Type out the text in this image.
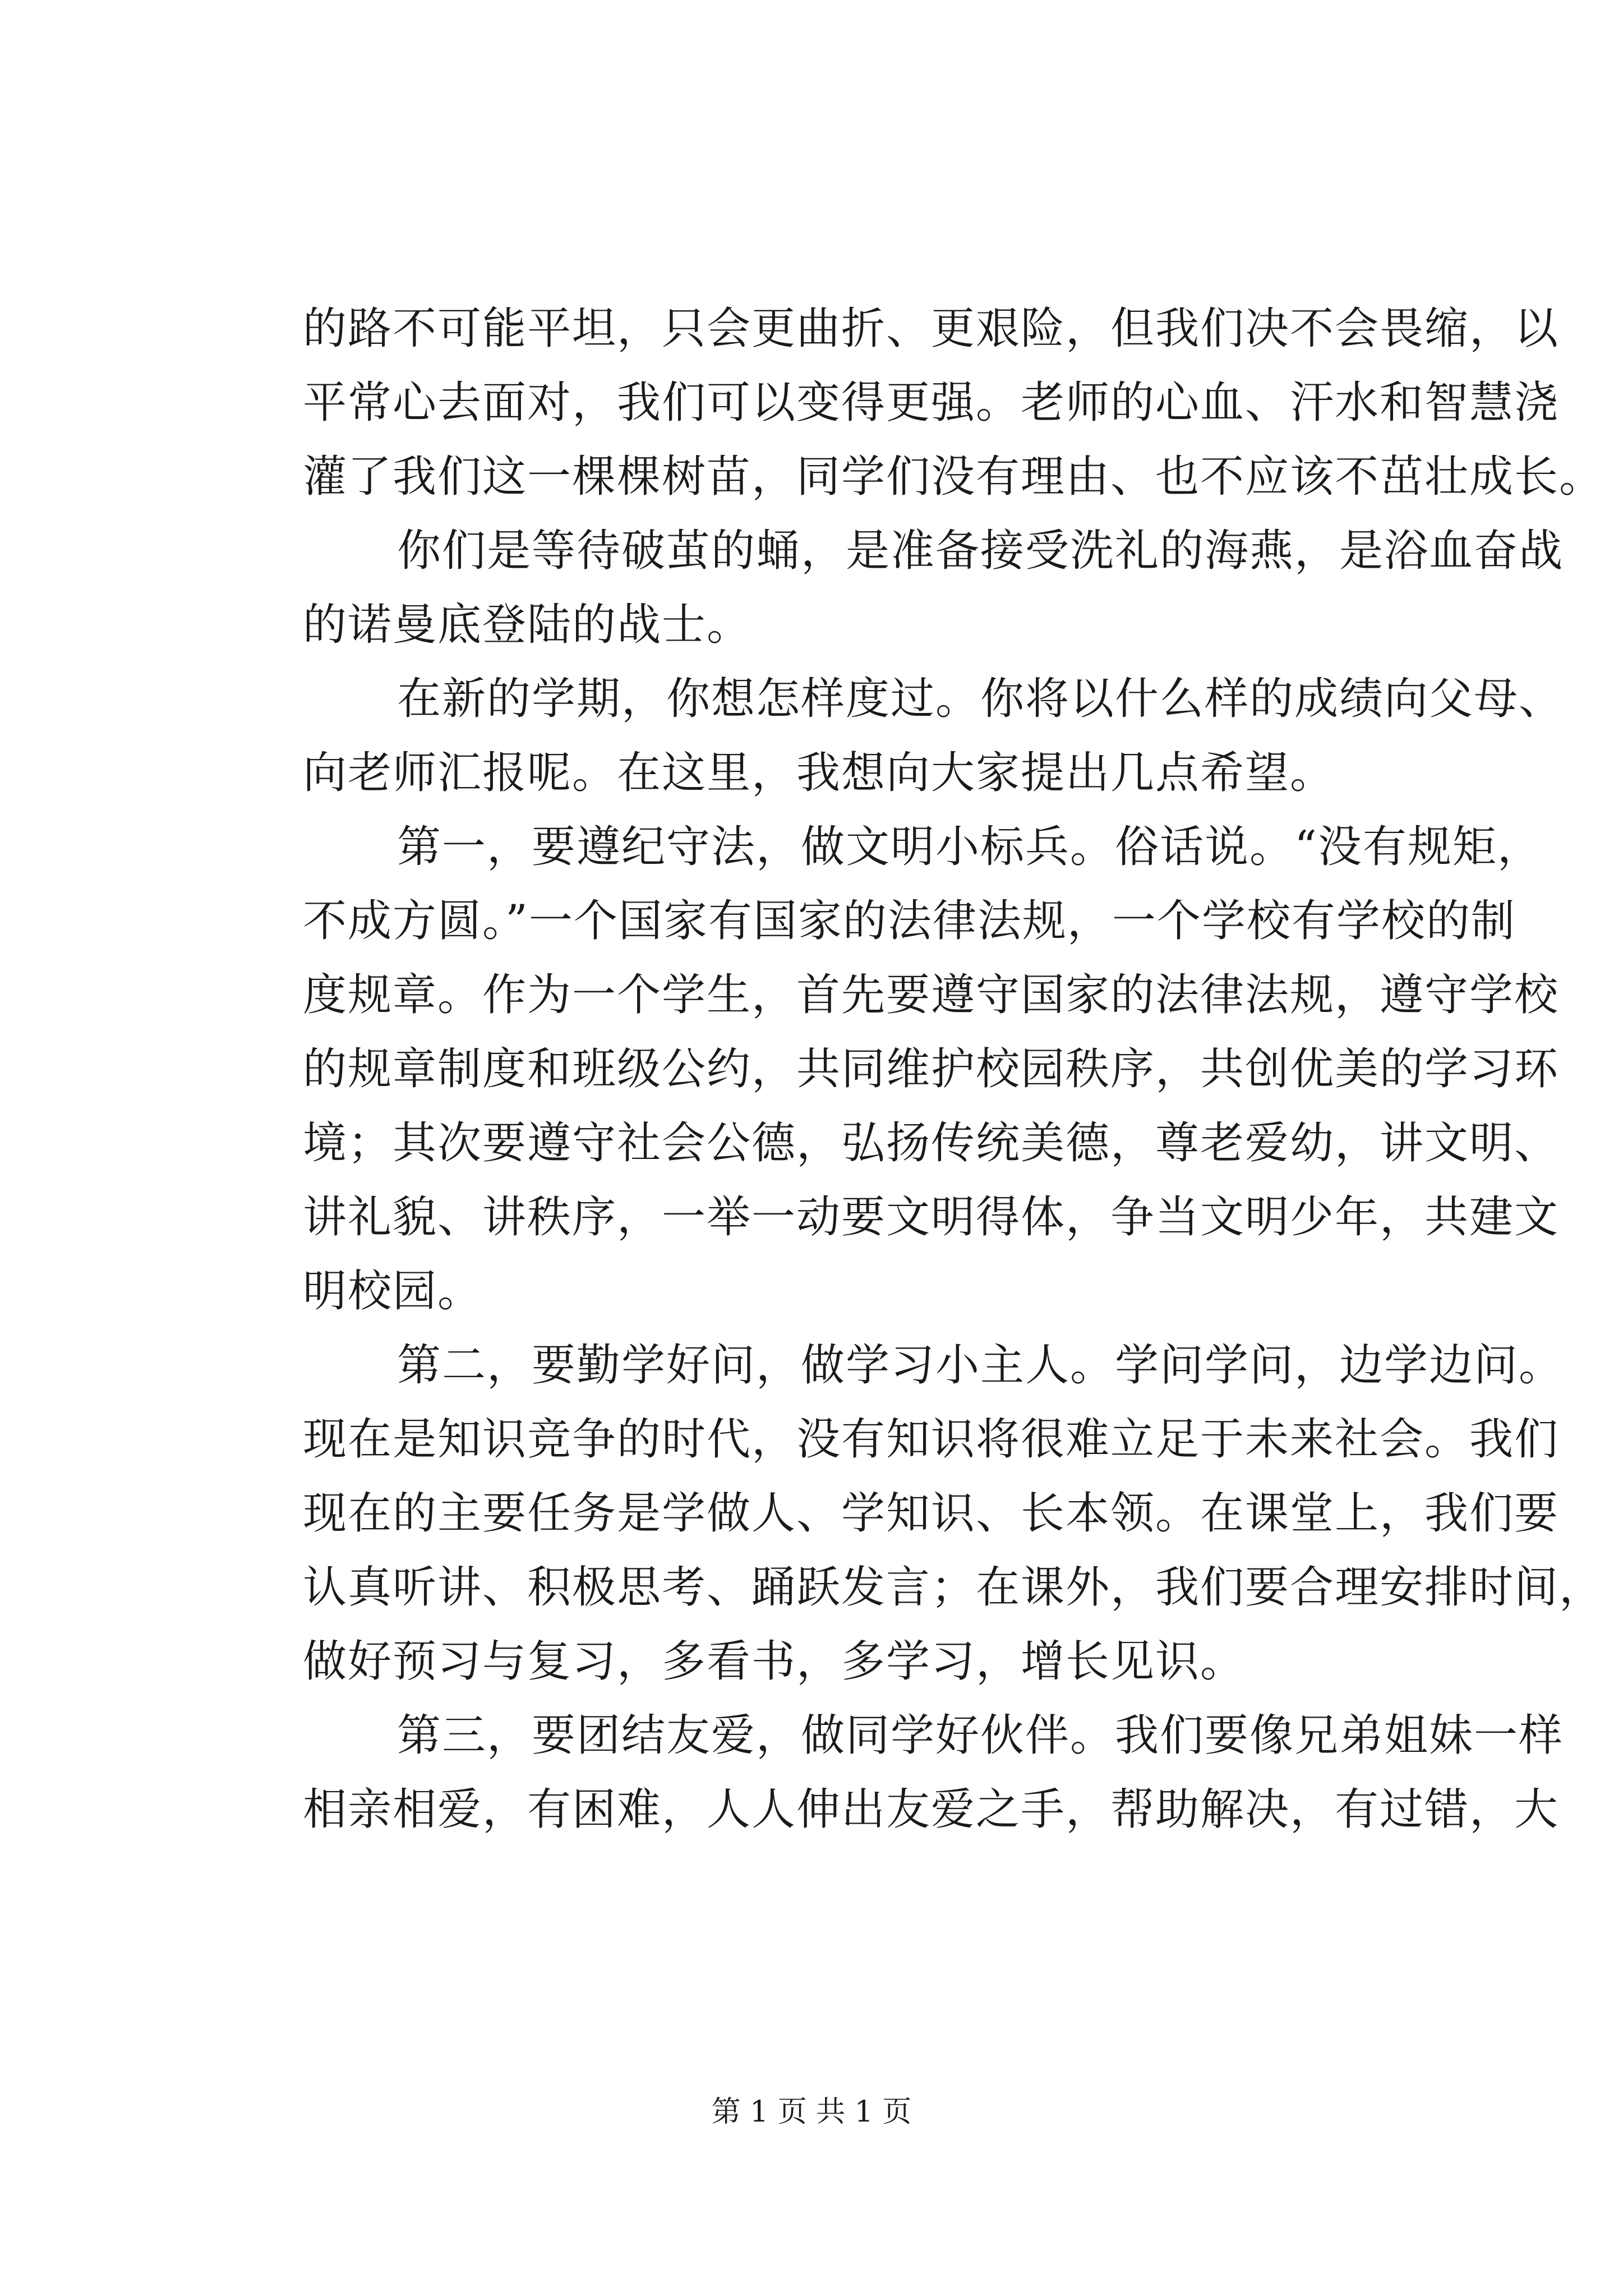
的路不可能平坦，只会更曲折、更艰险，但我们决不会畏缩，以
平常心去面对，我们可以变得更强。老师的心血、汗水和智慧浇
灌了我们这一棵棵树苗，同学们没有理由、也不应该不茁壮成长。
你们是等待破茧的蛹，是准备接受洗礼的海燕，是浴血奋战
的诺曼底登陆的战士。
在新的学期，你想怎样度过。你将以什么样的成绩向父母、
向老师汇报呢。在这里，我想向大家提出几点希望。
第一，要遵纪守法，做文明小标兵。俗话说。“没有规矩，
不成方圆。”一个国家有国家的法律法规，一个学校有学校的制
度规章。作为一个学生，首先要遵守国家的法律法规，遵守学校
的规章制度和班级公约，共同维护校园秩序，共创优美的学习环
境；其次要遵守社会公德，弘扬传统美德，尊老爱幼，讲文明、
讲礼貌、讲秩序，一举一动要文明得体，争当文明少年，共建文
明校园。
第二，要勤学好问，做学习小主人。学问学问，边学边问。
现在是知识竞争的时代，没有知识将很难立足于未来社会。我们
现在的主要任务是学做人、学知识、长本领。在课堂上，我们要
认真听讲、积极思考、踊跃发言；在课外，我们要合理安排时间，
做好预习与复习，多看书，多学习，增长见识。
第三，要团结友爱，做同学好伙伴。我们要像兄弟姐妹一样
相亲相爱，有困难，人人伸出友爱之手，帮助解决，有过错，大
第 1 页 共 1 页
